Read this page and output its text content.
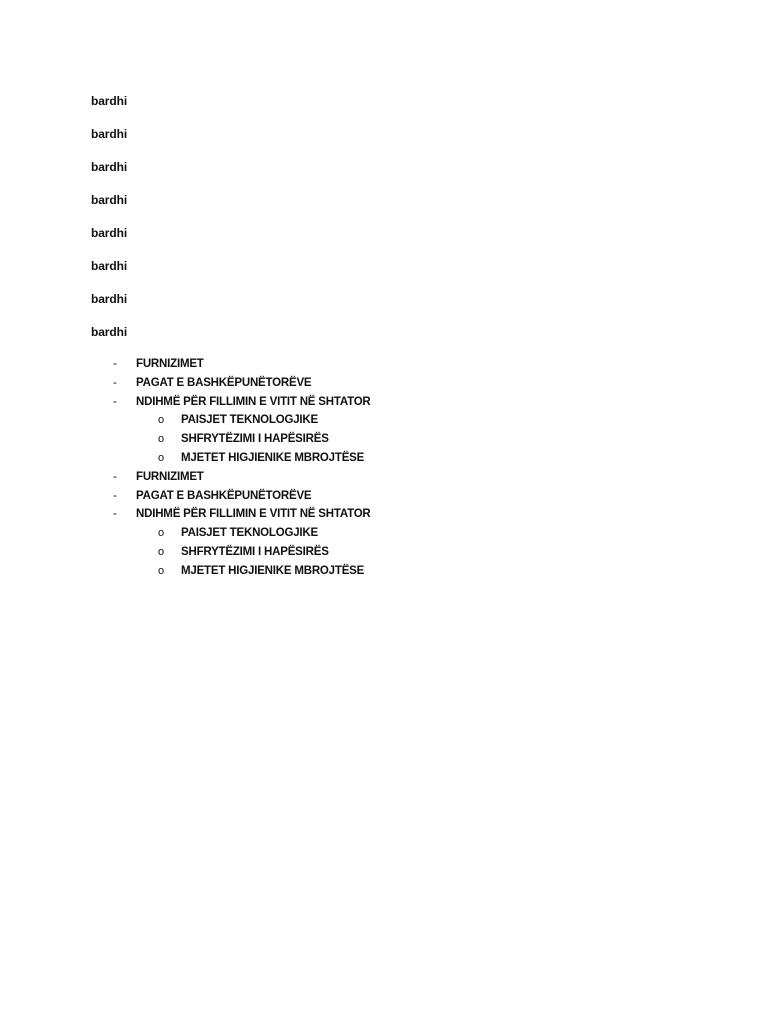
bardhi
bardhi
bardhi
bardhi
bardhi
bardhi
bardhi
bardhi
- FURNIZIMET
- PAGAT E BASHKËPUNËTORËVE
- NDIHMË PËR FILLIMIN E VITIT NË SHTATOR
o PAISJET TEKNOLOGJIKE
o SHFRYTËZIMI I HAPËSIRËS
o MJETET HIGJIENIKE MBROJTËSE
- FURNIZIMET
- PAGAT E BASHKËPUNËTORËVE
- NDIHMË PËR FILLIMIN E VITIT NË SHTATOR
o PAISJET TEKNOLOGJIKE
o SHFRYTËZIMI I HAPËSIRËS
o MJETET HIGJIENIKE MBROJTËSE
